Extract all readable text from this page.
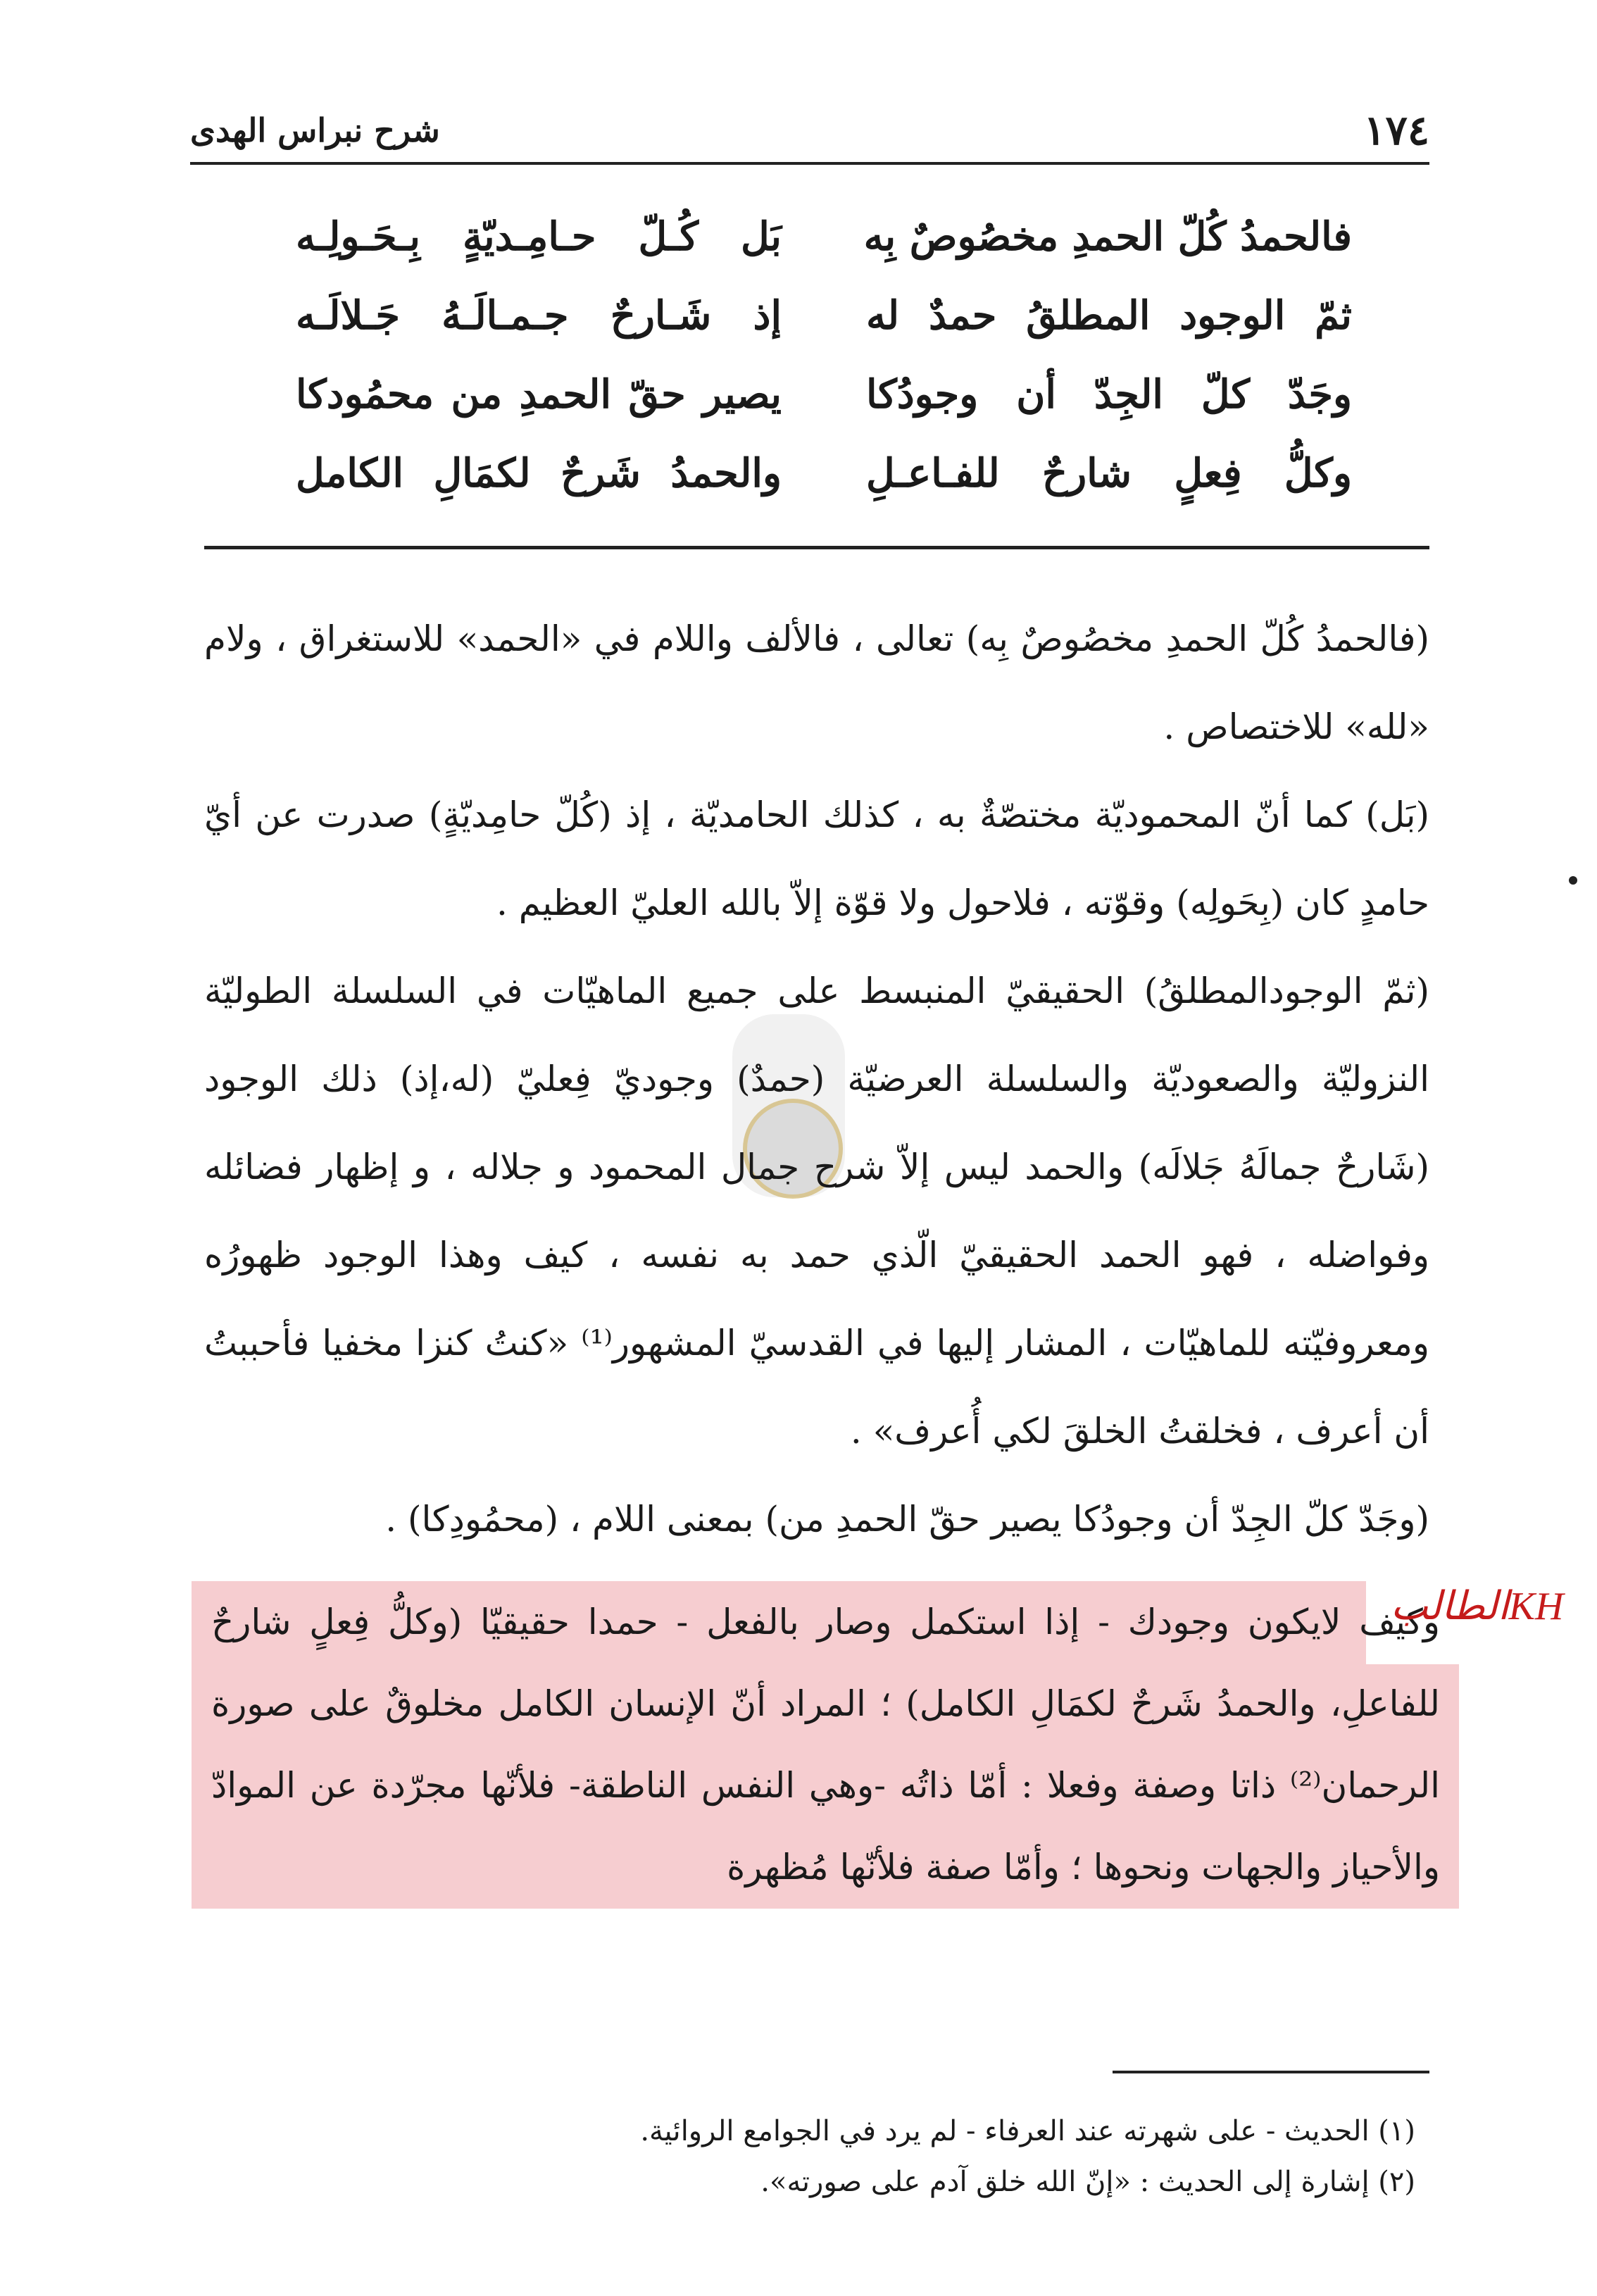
١٧٤
شرح نبراس الهدى
فالحمدُ كُلّ الحمدِ مخصُوصٌ بِه
بَل كُـلّ حـامِـديّةٍ بِـحَـولِـه
ثمّ الوجود المطلقُ حمدٌ له
إذ شَـارحٌ جـمـالَـهُ جَـلالَـه
وجَدّ كلّ الجِدّ أن وجودُكا
يصير حقّ الحمدِ من محمُودكا
وكلُّ فِعلٍ شارحٌ للفـاعـلِ
والحمدُ شَرحٌ لكمَالِ الكامل

(فالحمدُ كُلّ الحمدِ مخصُوصٌ بِه) تعالى ، فالألف واللام في «الحمد» للاستغراق ، ولام «لله» للاختصاص .

(بَل) كما أنّ المحموديّة مختصّةٌ به ، كذلك الحامديّة ، إذ (كُلّ حامِديّةٍ) صدرت عن أيّ حامدٍ كان (بِحَولِه) وقوّته ، فلاحول ولا قوّة إلاّ بالله العليّ العظيم .

(ثمّ الوجودالمطلقُ) الحقيقيّ المنبسط على جميع الماهيّات في السلسلة الطوليّة النزوليّة والصعوديّة والسلسلة العرضيّة (حمدٌ) وجوديّ فِعليّ (له،إذ) ذلك الوجود (شَارحٌ جمالَهُ جَلالَه) والحمد ليس إلاّ شرح جمال المحمود و جلاله ، و إظهار فضائله وفواضله ، فهو الحمد الحقيقيّ الّذي حمد به نفسه ، كيف وهذا الوجود ظهورُه ومعروفيّته للماهيّات ، المشار إليها في القدسيّ المشهور⁽¹⁾ «كنتُ كنزا مخفيا فأحببتُ أن أعرف ، فخلقتُ الخلقَ لكي أُعرف» .

(وجَدّ كلّ الجِدّ أن وجودُكا يصير حقّ الحمدِ من) بمعنى اللام ، (محمُودِكا) .

وكيف لايكون وجودك - إذا استكمل وصار بالفعل - حمدا حقيقيّا (وكلُّ فِعلٍ شارحٌ للفاعلِ، والحمدُ شَرحٌ لكمَالِ الكامل) ؛ المراد أنّ الإنسان الكامل مخلوقٌ على صورة الرحمان⁽²⁾ ذاتا وصفة وفعلا : أمّا ذاتُه -وهي النفس الناطقة- فلأنّها مجرّدة عن الموادّ والأحياز والجهات ونحوها ؛ وأمّا صفة فلأنّها مُظهرة
KHالطالب

(١) الحديث - على شهرته عند العرفاء - لم يرد في الجوامع الروائية.

(٢) إشارة إلى الحديث : «إنّ الله خلق آدم على صورته».
